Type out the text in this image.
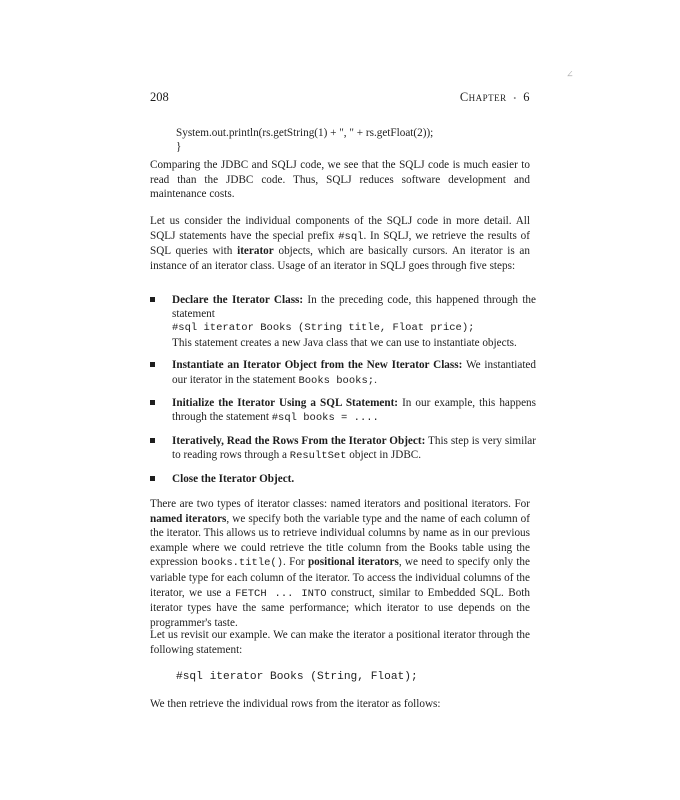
208	Chapter • 6
∠
System.out.println(rs.getString(1) + ", " + rs.getFloat(2));
}

Comparing the JDBC and SQLJ code, we see that the SQLJ code is much easier to read than the JDBC code. Thus, SQLJ reduces software development and maintenance costs.

Let us consider the individual components of the SQLJ code in more detail. All SQLJ statements have the special prefix #sql. In SQLJ, we retrieve the results of SQL queries with iterator objects, which are basically cursors. An iterator is an instance of an iterator class. Usage of an iterator in SQLJ goes through five steps:

Declare the Iterator Class: In the preceding code, this happened through the statement
#sql iterator Books (String title, Float price);
This statement creates a new Java class that we can use to instantiate objects.
Instantiate an Iterator Object from the New Iterator Class: We instantiated our iterator in the statement Books books;.
Initialize the Iterator Using a SQL Statement: In our example, this happens through the statement #sql books = ....
Iteratively, Read the Rows From the Iterator Object: This step is very similar to reading rows through a ResultSet object in JDBC.
Close the Iterator Object.

There are two types of iterator classes: named iterators and positional iterators. For named iterators, we specify both the variable type and the name of each column of the iterator. This allows us to retrieve individual columns by name as in our previous example where we could retrieve the title column from the Books table using the expression books.title(). For positional iterators, we need to specify only the variable type for each column of the iterator. To access the individual columns of the iterator, we use a FETCH ... INTO construct, similar to Embedded SQL. Both iterator types have the same performance; which iterator to use depends on the programmer's taste.

Let us revisit our example. We can make the iterator a positional iterator through the following statement:

#sql iterator Books (String, Float);

We then retrieve the individual rows from the iterator as follows:
